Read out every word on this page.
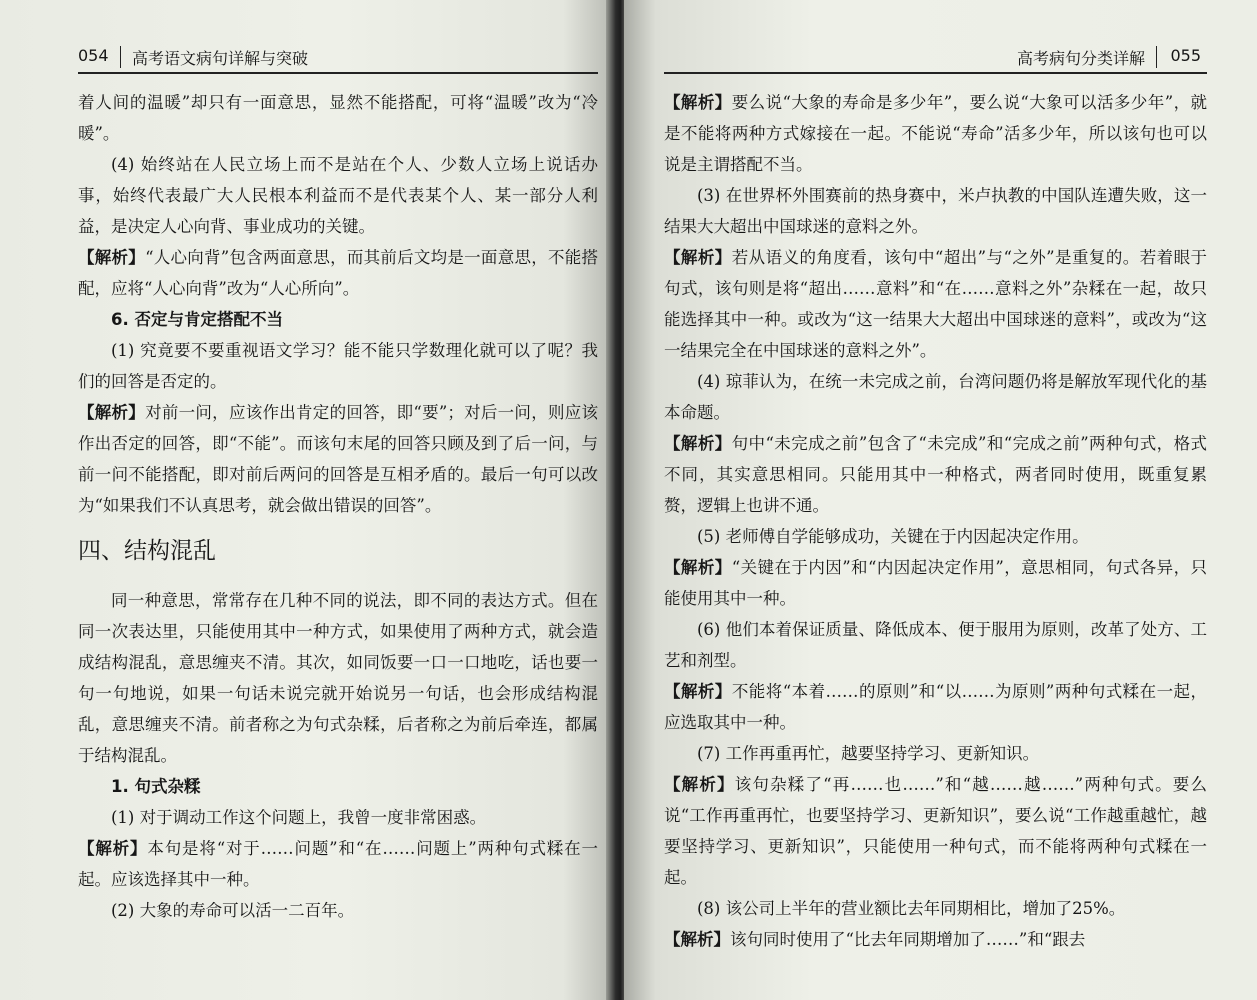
054 高考语文病句详解与突破

着人间的温暖”却只有一面意思，显然不能搭配，可将“温暖”改为“冷暖”。

(4) 始终站在人民立场上而不是站在个人、少数人立场上说话办事，始终代表最广大人民根本利益而不是代表某个人、某一部分人利益，是决定人心向背、事业成功的关键。

【解析】“人心向背”包含两面意思，而其前后文均是一面意思，不能搭配，应将“人心向背”改为“人心所向”。

6. 否定与肯定搭配不当

(1) 究竟要不要重视语文学习？能不能只学数理化就可以了呢？我们的回答是否定的。

【解析】对前一问，应该作出肯定的回答，即“要”；对后一问，则应该作出否定的回答，即“不能”。而该句末尾的回答只顾及到了后一问，与前一问不能搭配，即对前后两问的回答是互相矛盾的。最后一句可以改为“如果我们不认真思考，就会做出错误的回答”。

四、结构混乱

同一种意思，常常存在几种不同的说法，即不同的表达方式。但在同一次表达里，只能使用其中一种方式，如果使用了两种方式，就会造成结构混乱，意思缠夹不清。其次，如同饭要一口一口地吃，话也要一句一句地说，如果一句话未说完就开始说另一句话，也会形成结构混乱，意思缠夹不清。前者称之为句式杂糅，后者称之为前后牵连，都属于结构混乱。

1. 句式杂糅

(1) 对于调动工作这个问题上，我曾一度非常困惑。

【解析】本句是将“对于……问题”和“在……问题上”两种句式糅在一起。应该选择其中一种。

(2) 大象的寿命可以活一二百年。

高考病句分类详解 055

【解析】要么说“大象的寿命是多少年”，要么说“大象可以活多少年”，就是不能将两种方式嫁接在一起。不能说“寿命”活多少年，所以该句也可以说是主谓搭配不当。

(3) 在世界杯外围赛前的热身赛中，米卢执教的中国队连遭失败，这一结果大大超出中国球迷的意料之外。

【解析】若从语义的角度看，该句中“超出”与“之外”是重复的。若着眼于句式，该句则是将“超出……意料”和“在……意料之外”杂糅在一起，故只能选择其中一种。或改为“这一结果大大超出中国球迷的意料”，或改为“这一结果完全在中国球迷的意料之外”。

(4) 琼菲认为，在统一未完成之前，台湾问题仍将是解放军现代化的基本命题。

【解析】句中“未完成之前”包含了“未完成”和“完成之前”两种句式，格式不同，其实意思相同。只能用其中一种格式，两者同时使用，既重复累赘，逻辑上也讲不通。

(5) 老师傅自学能够成功，关键在于内因起决定作用。

【解析】“关键在于内因”和“内因起决定作用”，意思相同，句式各异，只能使用其中一种。

(6) 他们本着保证质量、降低成本、便于服用为原则，改革了处方、工艺和剂型。

【解析】不能将“本着……的原则”和“以……为原则”两种句式糅在一起，应选取其中一种。

(7) 工作再重再忙，越要坚持学习、更新知识。

【解析】该句杂糅了“再……也……”和“越……越……”两种句式。要么说“工作再重再忙，也要坚持学习、更新知识”，要么说“工作越重越忙，越要坚持学习、更新知识”，只能使用一种句式，而不能将两种句式糅在一起。

(8) 该公司上半年的营业额比去年同期相比，增加了25%。

【解析】该句同时使用了“比去年同期增加了……”和“跟去
